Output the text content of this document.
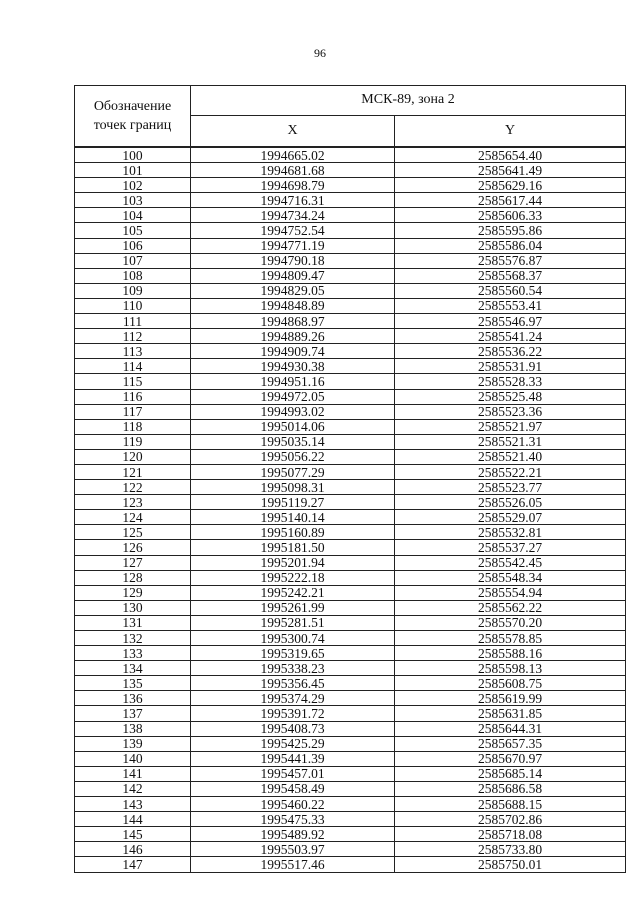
96
Обозначение
точек границ	МСК-89, зона 2	
	X	Y
100	1994665.02	2585654.40
101	1994681.68	2585641.49
102	1994698.79	2585629.16
103	1994716.31	2585617.44
104	1994734.24	2585606.33
105	1994752.54	2585595.86
106	1994771.19	2585586.04
107	1994790.18	2585576.87
108	1994809.47	2585568.37
109	1994829.05	2585560.54
110	1994848.89	2585553.41
111	1994868.97	2585546.97
112	1994889.26	2585541.24
113	1994909.74	2585536.22
114	1994930.38	2585531.91
115	1994951.16	2585528.33
116	1994972.05	2585525.48
117	1994993.02	2585523.36
118	1995014.06	2585521.97
119	1995035.14	2585521.31
120	1995056.22	2585521.40
121	1995077.29	2585522.21
122	1995098.31	2585523.77
123	1995119.27	2585526.05
124	1995140.14	2585529.07
125	1995160.89	2585532.81
126	1995181.50	2585537.27
127	1995201.94	2585542.45
128	1995222.18	2585548.34
129	1995242.21	2585554.94
130	1995261.99	2585562.22
131	1995281.51	2585570.20
132	1995300.74	2585578.85
133	1995319.65	2585588.16
134	1995338.23	2585598.13
135	1995356.45	2585608.75
136	1995374.29	2585619.99
137	1995391.72	2585631.85
138	1995408.73	2585644.31
139	1995425.29	2585657.35
140	1995441.39	2585670.97
141	1995457.01	2585685.14
142	1995458.49	2585686.58
143	1995460.22	2585688.15
144	1995475.33	2585702.86
145	1995489.92	2585718.08
146	1995503.97	2585733.80
147	1995517.46	2585750.01
